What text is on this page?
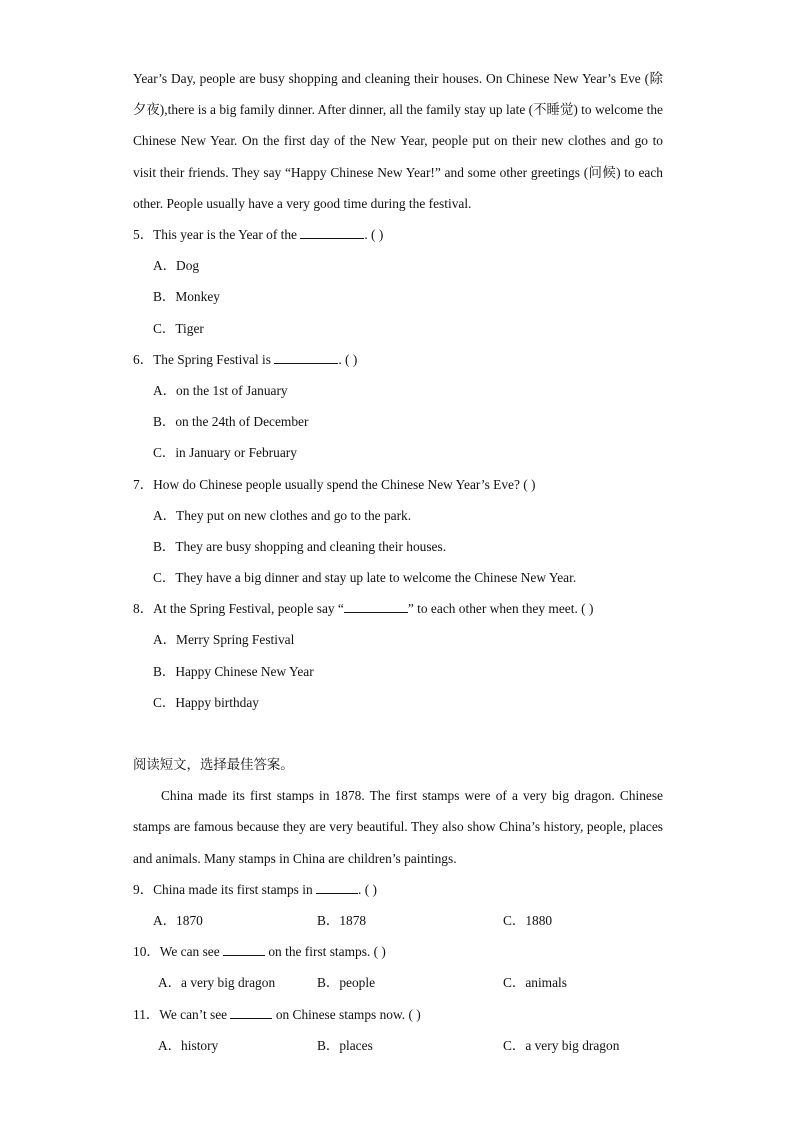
Year’s Day, people are busy shopping and cleaning their houses. On Chinese New Year’s Eve (除夕夜),there is a big family dinner. After dinner, all the family stay up late (不睡觉) to welcome the Chinese New Year. On the first day of the New Year, people put on their new clothes and go to visit their friends. They say “Happy Chinese New Year!” and some other greetings (问候) to each other. People usually have a very good time during the festival.

5．This year is the Year of the	. ( )
A．Dog
B．Monkey
C．Tiger
6．The Spring Festival is	. ( )
A．on the 1st of January
B．on the 24th of December
C．in January or February
7．How do Chinese people usually spend the Chinese New Year’s Eve? ( )
A．They put on new clothes and go to the park.
B．They are busy shopping and cleaning their houses.
C．They have a big dinner and stay up late to welcome the Chinese New Year.
8．At the Spring Festival, people say “	” to each other when they meet. ( )
A．Merry Spring Festival
B．Happy Chinese New Year
C．Happy birthday
阅读短文，选择最佳答案。

China made its first stamps in 1878. The first stamps were of a very big dragon. Chinese stamps are famous because they are very beautiful. They also show China’s history, people, places and animals. Many stamps in China are children’s paintings.

9．China made its first stamps in	. ( )
A．1870	B．1878	C．1880
10．We can see	on the first stamps. ( )
A．a very big dragon	B．people	C．animals
11．We can’t see	on Chinese stamps now. ( )
A．history	B．places	C．a very big dragon
